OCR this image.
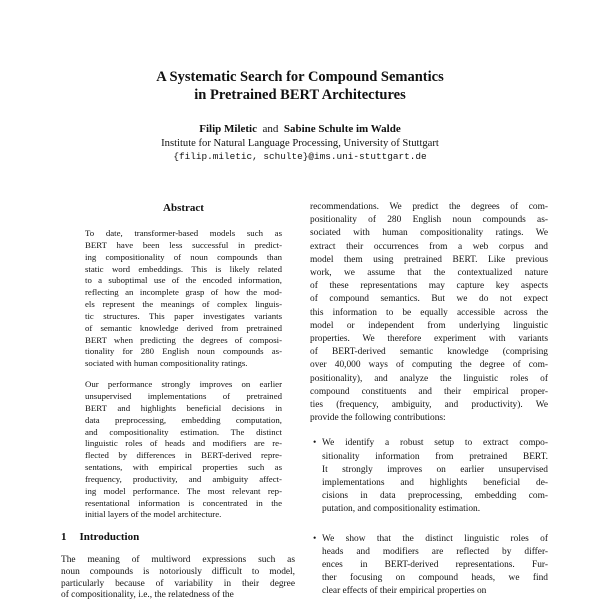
A Systematic Search for Compound Semantics
in Pretrained BERT Architectures
Filip Miletic and Sabine Schulte im Walde
Institute for Natural Language Processing, University of Stuttgart
{filip.miletic, schulte}@ims.uni-stuttgart.de
Abstract
To date, transformer-based models such as
BERT have been less successful in predict-
ing compositionality of noun compounds than
static word embeddings. This is likely related
to a suboptimal use of the encoded information,
reflecting an incomplete grasp of how the mod-
els represent the meanings of complex linguis-
tic structures. This paper investigates variants
of semantic knowledge derived from pretrained
BERT when predicting the degrees of composi-
tionality for 280 English noun compounds as-
sociated with human compositionality ratings.
Our performance strongly improves on earlier
unsupervised implementations of pretrained
BERT and highlights beneficial decisions in
data preprocessing, embedding computation,
and compositionality estimation. The distinct
linguistic roles of heads and modifiers are re-
flected by differences in BERT-derived repre-
sentations, with empirical properties such as
frequency, productivity, and ambiguity affect-
ing model performance. The most relevant rep-
resentational information is concentrated in the
initial layers of the model architecture.
1 Introduction
The meaning of multiword expressions such as
noun compounds is notoriously difficult to model,
particularly because of variability in their degree
of compositionality, i.e., the relatedness of the
recommendations. We predict the degrees of com-
positionality of 280 English noun compounds as-
sociated with human compositionality ratings. We
extract their occurrences from a web corpus and
model them using pretrained BERT. Like previous
work, we assume that the contextualized nature
of these representations may capture key aspects
of compound semantics. But we do not expect
this information to be equally accessible across the
model or independent from underlying linguistic
properties. We therefore experiment with variants
of BERT-derived semantic knowledge (comprising
over 40,000 ways of computing the degree of com-
positionality), and analyze the linguistic roles of
compound constituents and their empirical proper-
ties (frequency, ambiguity, and productivity). We
provide the following contributions:
• We identify a robust setup to extract compo-
sitionality information from pretrained BERT.
It strongly improves on earlier unsupervised
implementations and highlights beneficial de-
cisions in data preprocessing, embedding com-
putation, and compositionality estimation.
• We show that the distinct linguistic roles of
heads and modifiers are reflected by differ-
ences in BERT-derived representations. Fur-
ther focusing on compound heads, we find
clear effects of their empirical properties on
